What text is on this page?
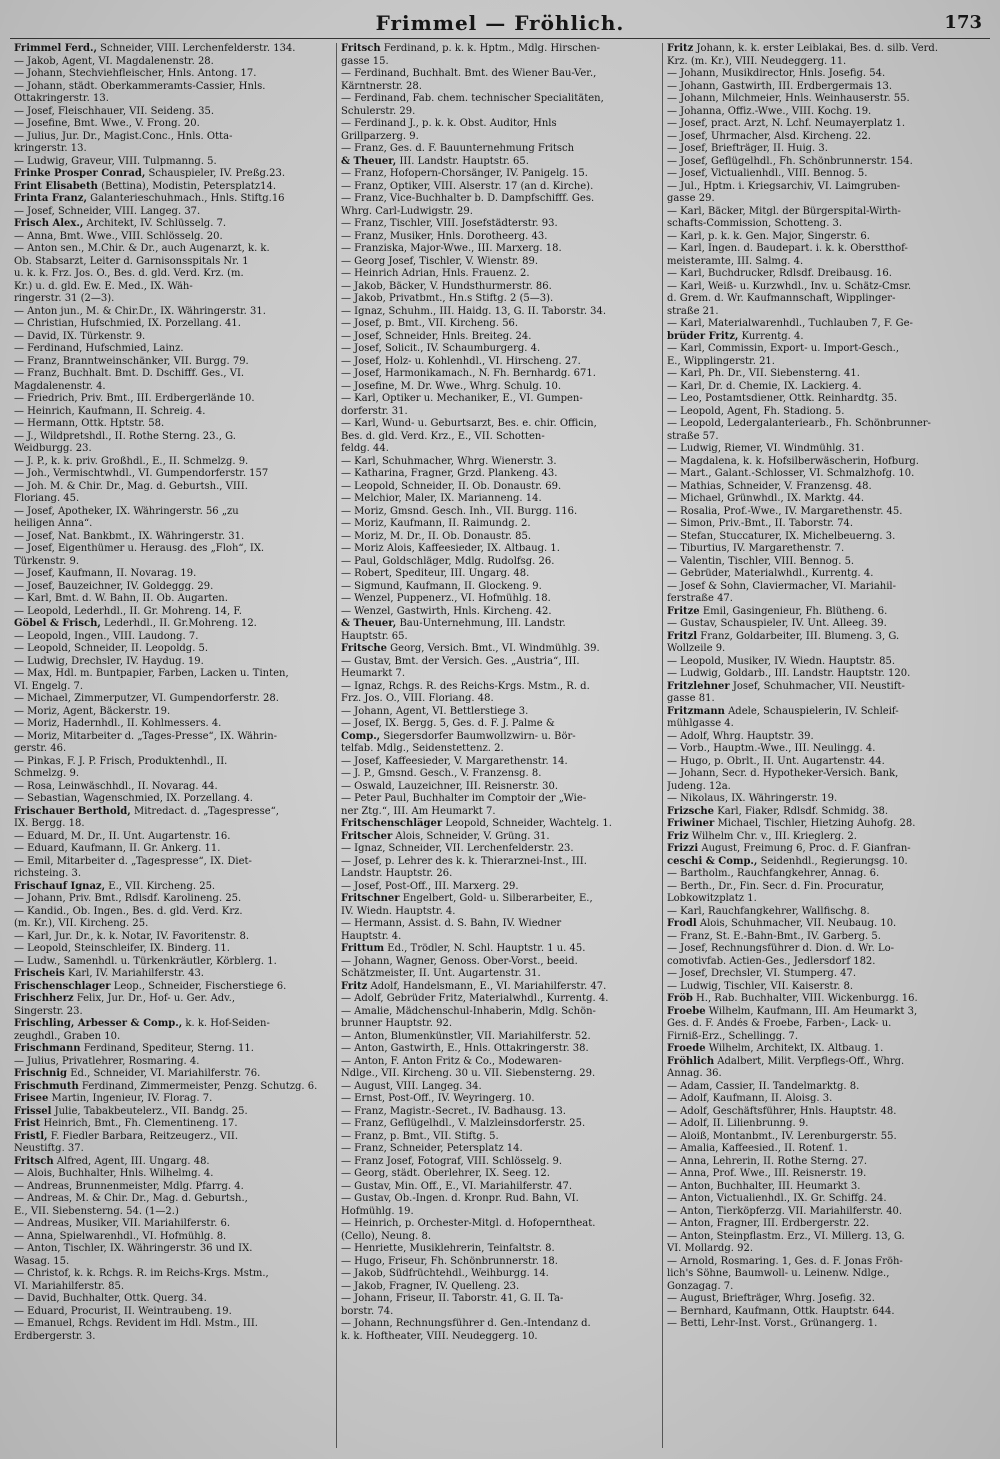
Frimmel — Fröhlich.	173
Frimmel Ferd., Schneider, VIII. Lerchenfelderstr. 134.
— Jakob, Agent, VI. Magdalenenstr. 28.
— Johann, Stechviehfleischer, Hnls. Antong. 17.
— Johann, städt. Oberkammeramts-Cassier, Hnls.
Ottakringerstr. 13.
— Josef, Fleischhauer, VII. Seideng. 35.
— Josefine, Bmt. Wwe., V. Frong. 20.
— Julius, Jur. Dr., Magist.Conc., Hnls. Otta-
kringerstr. 13.
— Ludwig, Graveur, VIII. Tulpmanng. 5.
Frinke Prosper Conrad, Schauspieler, IV. Preßg.23.
Frint Elisabeth (Bettina), Modistin, Petersplatz14.
Frinta Franz, Galanterieschuhmach., Hnls. Stiftg.16
— Josef, Schneider, VIII. Langeg. 37.
Frisch Alex., Architekt, IV. Schlüsselg. 7.
— Anna, Bmt. Wwe., VIII. Schlösselg. 20.
— Anton sen., M.Chir. & Dr., auch Augenarzt, k. k.
Ob. Stabsarzt, Leiter d. Garnisonsspitals Nr. 1
u. k. k. Frz. Jos. O., Bes. d. gld. Verd. Krz. (m.
Kr.) u. d. gld. Ew. E. Med., IX. Wäh-
ringerstr. 31 (2—3).
— Anton jun., M. & Chir.Dr., IX. Währingerstr. 31.
— Christian, Hufschmied, IX. Porzellang. 41.
— David, IX. Türkenstr. 9.
— Ferdinand, Hufschmied, Lainz.
— Franz, Branntweinschänker, VII. Burgg. 79.
— Franz, Buchhalt. Bmt. D. Dschifff. Ges., VI.
Magdalenenstr. 4.
— Friedrich, Priv. Bmt., III. Erdbergerlände 10.
— Heinrich, Kaufmann, II. Schreig. 4.
— Hermann, Ottk. Hptstr. 58.
— J., Wildpretshdl., II. Rothe Sterng. 23., G.
Weidburgg. 23.
— J. P., k. k. priv. Großhdl., E., II. Schmelzg. 9.
— Joh., Vermischtwhdl., VI. Gumpendorferstr. 157
— Joh. M. & Chir. Dr., Mag. d. Geburtsh., VIII.
Floriang. 45.
— Josef, Apotheker, IX. Währingerstr. 56 „zu
heiligen Anna“.
— Josef, Nat. Bankbmt., IX. Währingerstr. 31.
— Josef, Eigenthümer u. Herausg. des „Floh“, IX.
Türkenstr. 9.
— Josef, Kaufmann, II. Novarag. 19.
— Josef, Bauzeichner, IV. Goldeggg. 29.
— Karl, Bmt. d. W. Bahn, II. Ob. Augarten.
— Leopold, Lederhdl., II. Gr. Mohreng. 14, F.
Göbel & Frisch, Lederhdl., II. Gr.Mohreng. 12.
— Leopold, Ingen., VIII. Laudong. 7.
— Leopold, Schneider, II. Leopoldg. 5.
— Ludwig, Drechsler, IV. Haydug. 19.
— Max, Hdl. m. Buntpapier, Farben, Lacken u. Tinten,
VI. Engelg. 7.
— Michael, Zimmerputzer, VI. Gumpendorferstr. 28.
— Moriz, Agent, Bäckerstr. 19.
— Moriz, Hadernhdl., II. Kohlmessers. 4.
— Moriz, Mitarbeiter d. „Tages-Presse“, IX. Währin-
gerstr. 46.
— Pinkas, F. J. P. Frisch, Produktenhdl., II.
Schmelzg. 9.
— Rosa, Leinwäschhdl., II. Novarag. 44.
— Sebastian, Wagenschmied, IX. Porzellang. 4.
Frischauer Berthold, Mitredact. d. „Tagespresse“,
IX. Bergg. 18.
— Eduard, M. Dr., II. Unt. Augartenstr. 16.
— Eduard, Kaufmann, II. Gr. Ankerg. 11.
— Emil, Mitarbeiter d. „Tagespresse“, IX. Diet-
richsteing. 3.
Frischauf Ignaz, E., VII. Kircheng. 25.
— Johann, Priv. Bmt., Rdlsdf. Karolineng. 25.
— Kandid., Ob. Ingen., Bes. d. gld. Verd. Krz.
(m. Kr.), VII. Kircheng. 25.
— Karl, Jur. Dr., k. k. Notar, IV. Favoritenstr. 8.
— Leopold, Steinschleifer, IX. Binderg. 11.
— Ludw., Samenhdl. u. Türkenkräutler, Körblerg. 1.
Frischeis Karl, IV. Mariahilferstr. 43.
Frischenschlager Leop., Schneider, Fischerstiege 6.
Frischherz Felix, Jur. Dr., Hof- u. Ger. Adv.,
Singerstr. 23.
Frischling, Arbesser & Comp., k. k. Hof-Seiden-
zeughdl., Graben 10.
Frischmann Ferdinand, Spediteur, Sterng. 11.
— Julius, Privatlehrer, Rosmaring. 4.
Frischnig Ed., Schneider, VI. Mariahilferstr. 76.
Frischmuth Ferdinand, Zimmermeister, Penzg. Schutzg. 6.
Frisee Martin, Ingenieur, IV. Florag. 7.
Frissel Julie, Tabakbeutelerz., VII. Bandg. 25.
Frist Heinrich, Bmt., Fh. Clementineng. 17.
Fristl, F. Fiedler Barbara, Reitzeugerz., VII.
Neustiftg. 37.
Fritsch Alfred, Agent, III. Ungarg. 48.
— Alois, Buchhalter, Hnls. Wilhelmg. 4.
— Andreas, Brunnenmeister, Mdlg. Pfarrg. 4.
— Andreas, M. & Chir. Dr., Mag. d. Geburtsh.,
E., VII. Siebensterng. 54. (1—2.)
— Andreas, Musiker, VII. Mariahilferstr. 6.
— Anna, Spielwarenhdl., VI. Hofmühlg. 8.
— Anton, Tischler, IX. Währingerstr. 36 und IX.
Wasag. 15.
— Christof, k. k. Rchgs. R. im Reichs-Krgs. Mstm.,
VI. Mariahilferstr. 85.
— David, Buchhalter, Ottk. Querg. 34.
— Eduard, Procurist, II. Weintraubeng. 19.
— Emanuel, Rchgs. Revident im Hdl. Mstm., III.
Erdbergerstr. 3.
Fritsch Ferdinand, p. k. k. Hptm., Mdlg. Hirschen-
gasse 15.
— Ferdinand, Buchhalt. Bmt. des Wiener Bau-Ver.,
Kärntnerstr. 28.
— Ferdinand, Fab. chem. technischer Specialitäten,
Schulerstr. 29.
— Ferdinand J., p. k. k. Obst. Auditor, Hnls
Grillparzerg. 9.
— Franz, Ges. d. F. Bauunternehmung Fritsch
& Theuer, III. Landstr. Hauptstr. 65.
— Franz, Hofopern-Chorsänger, IV. Panigelg. 15.
— Franz, Optiker, VIII. Alserstr. 17 (an d. Kirche).
— Franz, Vice-Buchhalter b. D. Dampfschifff. Ges.
Whrg. Carl-Ludwigstr. 29.
— Franz, Tischler, VIII. Josefstädterstr. 93.
— Franz, Musiker, Hnls. Dorotheerg. 43.
— Franziska, Major-Wwe., III. Marxerg. 18.
— Georg Josef, Tischler, V. Wienstr. 89.
— Heinrich Adrian, Hnls. Frauenz. 2.
— Jakob, Bäcker, V. Hundsthurmerstr. 86.
— Jakob, Privatbmt., Hn.s Stiftg. 2 (5—3).
— Ignaz, Schuhm., III. Haidg. 13, G. II. Taborstr. 34.
— Josef, p. Bmt., VII. Kircheng. 56.
— Josef, Schneider, Hnls. Breiteg. 24.
— Josef, Solicit., IV. Schaumburgerg. 4.
— Josef, Holz- u. Kohlenhdl., VI. Hirscheng. 27.
— Josef, Harmonikamach., N. Fh. Bernhardg. 671.
— Josefine, M. Dr. Wwe., Whrg. Schulg. 10.
— Karl, Optiker u. Mechaniker, E., VI. Gumpen-
dorferstr. 31.
— Karl, Wund- u. Geburtsarzt, Bes. e. chir. Officin,
Bes. d. gld. Verd. Krz., E., VII. Schotten-
feldg. 44.
— Karl, Schuhmacher, Whrg. Wienerstr. 3.
— Katharina, Fragner, Grzd. Plankeng. 43.
— Leopold, Schneider, II. Ob. Donaustr. 69.
— Melchior, Maler, IX. Marianneng. 14.
— Moriz, Gmsnd. Gesch. Inh., VII. Burgg. 116.
— Moriz, Kaufmann, II. Raimundg. 2.
— Moriz, M. Dr., II. Ob. Donaustr. 85.
— Moriz Alois, Kaffeesieder, IX. Altbaug. 1.
— Paul, Goldschläger, Mdlg. Rudolfsg. 26.
— Robert, Spediteur, III. Ungarg. 48.
— Sigmund, Kaufmann, II. Glockeng. 9.
— Wenzel, Puppenerz., VI. Hofmühlg. 18.
— Wenzel, Gastwirth, Hnls. Kircheng. 42.
& Theuer, Bau-Unternehmung, III. Landstr.
Hauptstr. 65.
Fritsche Georg, Versich. Bmt., VI. Windmühlg. 39.
— Gustav, Bmt. der Versich. Ges. „Austria“, III.
Heumarkt 7.
— Ignaz, Rchgs. R. des Reichs-Krgs. Mstm., R. d.
Frz. Jos. O., VIII. Floriang. 48.
— Johann, Agent, VI. Bettlerstiege 3.
— Josef, IX. Bergg. 5, Ges. d. F. J. Palme &
Comp., Siegersdorfer Baumwollzwirn- u. Bör-
telfab. Mdlg., Seidenstettenz. 2.
— Josef, Kaffeesieder, V. Margarethenstr. 14.
— J. P., Gmsnd. Gesch., V. Franzensg. 8.
— Oswald, Lauzeichner, III. Reisnerstr. 30.
— Peter Paul, Buchhalter im Comptoir der „Wie-
ner Ztg.“, III. Am Heumarkt 7.
Fritschenschläger Leopold, Schneider, Wachtelg. 1.
Fritscher Alois, Schneider, V. Grüng. 31.
— Ignaz, Schneider, VII. Lerchenfelderstr. 23.
— Josef, p. Lehrer des k. k. Thierarznei-Inst., III.
Landstr. Hauptstr. 26.
— Josef, Post-Off., III. Marxerg. 29.
Fritschner Engelbert, Gold- u. Silberarbeiter, E.,
IV. Wiedn. Hauptstr. 4.
— Hermann, Assist. d. S. Bahn, IV. Wiedner
Hauptstr. 4.
Frittum Ed., Trödler, N. Schl. Hauptstr. 1 u. 45.
— Johann, Wagner, Genoss. Ober-Vorst., beeid.
Schätzmeister, II. Unt. Augartenstr. 31.
Fritz Adolf, Handelsmann, E., VI. Mariahilferstr. 47.
— Adolf, Gebrüder Fritz, Materialwhdl., Kurrentg. 4.
— Amalie, Mädchenschul-Inhaberin, Mdlg. Schön-
brunner Hauptstr. 92.
— Anton, Blumenkünstler, VII. Mariahilferstr. 52.
— Anton, Gastwirth, E., Hnls. Ottakringerstr. 38.
— Anton, F. Anton Fritz & Co., Modewaren-
Ndlge., VII. Kircheng. 30 u. VII. Siebensterng. 29.
— August, VIII. Langeg. 34.
— Ernst, Post-Off., IV. Weyringerg. 10.
— Franz, Magistr.-Secret., IV. Badhausg. 13.
— Franz, Geflügelhdl., V. Malzleinsdorferstr. 25.
— Franz, p. Bmt., VII. Stiftg. 5.
— Franz, Schneider, Petersplatz 14.
— Franz Josef, Fotograf, VIII. Schlösselg. 9.
— Georg, städt. Oberlehrer, IX. Seeg. 12.
— Gustav, Min. Off., E., VI. Mariahilferstr. 47.
— Gustav, Ob.-Ingen. d. Kronpr. Rud. Bahn, VI.
Hofmühlg. 19.
— Heinrich, p. Orchester-Mitgl. d. Hofoperntheat.
(Cello), Neung. 8.
— Henriette, Musiklehrerin, Teinfaltstr. 8.
— Hugo, Friseur, Fh. Schönbrunnerstr. 18.
— Jakob, Südfrüchtehdl., Weihburgg. 14.
— Jakob, Fragner, IV. Quelleng. 23.
— Johann, Friseur, II. Taborstr. 41, G. II. Ta-
borstr. 74.
— Johann, Rechnungsführer d. Gen.-Intendanz d.
k. k. Hoftheater, VIII. Neudeggerg. 10.
Fritz Johann, k. k. erster Leiblakai, Bes. d. silb. Verd.
Krz. (m. Kr.), VIII. Neudeggerg. 11.
— Johann, Musikdirector, Hnls. Josefig. 54.
— Johann, Gastwirth, III. Erdbergermais 13.
— Johann, Milchmeier, Hnls. Weinhauserstr. 55.
— Johanna, Offiz.-Wwe., VIII. Kochg. 19.
— Josef, pract. Arzt, N. Lchf. Neumayerplatz 1.
— Josef, Uhrmacher, Alsd. Kircheng. 22.
— Josef, Briefträger, II. Huig. 3.
— Josef, Geflügelhdl., Fh. Schönbrunnerstr. 154.
— Josef, Victualienhdl., VIII. Bennog. 5.
— Jul., Hptm. i. Kriegsarchiv, VI. Laimgruben-
gasse 29.
— Karl, Bäcker, Mitgl. der Bürgerspital-Wirth-
schafts-Commission, Schotteng. 3.
— Karl, p. k. k. Gen. Major, Singerstr. 6.
— Karl, Ingen. d. Baudepart. i. k. k. Oberstthof-
meisteramte, III. Salmg. 4.
— Karl, Buchdrucker, Rdlsdf. Dreibausg. 16.
— Karl, Weiß- u. Kurzwhdl., Inv. u. Schätz-Cmsr.
d. Grem. d. Wr. Kaufmannschaft, Wipplinger-
straße 21.
— Karl, Materialwarenhdl., Tuchlauben 7, F. Ge-
brüder Fritz, Kurrentg. 4.
— Karl, Commissin, Export- u. Import-Gesch.,
E., Wipplingerstr. 21.
— Karl, Ph. Dr., VII. Siebensterng. 41.
— Karl, Dr. d. Chemie, IX. Lackierg. 4.
— Leo, Postamtsdiener, Ottk. Reinhardtg. 35.
— Leopold, Agent, Fh. Stadiong. 5.
— Leopold, Ledergalanteriearb., Fh. Schönbrunner-
straße 57.
— Ludwig, Riemer, VI. Windmühlg. 31.
— Magdalena, k. k. Hofsilberwäscherin, Hofburg.
— Mart., Galant.-Schlosser, VI. Schmalzhofg. 10.
— Mathias, Schneider, V. Franzensg. 48.
— Michael, Grünwhdl., IX. Marktg. 44.
— Rosalia, Prof.-Wwe., IV. Margarethenstr. 45.
— Simon, Priv.-Bmt., II. Taborstr. 74.
— Stefan, Stuccaturer, IX. Michelbeuerng. 3.
— Tiburtius, IV. Margarethenstr. 7.
— Valentin, Tischler, VIII. Bennog. 5.
— Gebrüder, Materialwhdl., Kurrentg. 4.
— Josef & Sohn, Claviermacher, VI. Mariahil-
ferstraße 47.
Fritze Emil, Gasingenieur, Fh. Blütheng. 6.
— Gustav, Schauspieler, IV. Unt. Alleeg. 39.
Fritzl Franz, Goldarbeiter, III. Blumeng. 3, G.
Wollzeile 9.
— Leopold, Musiker, IV. Wiedn. Hauptstr. 85.
— Ludwig, Goldarb., III. Landstr. Hauptstr. 120.
Fritzlehner Josef, Schuhmacher, VII. Neustift-
gasse 81.
Fritzmann Adele, Schauspielerin, IV. Schleif-
mühlgasse 4.
— Adolf, Whrg. Hauptstr. 39.
— Vorb., Hauptm.-Wwe., III. Neulingg. 4.
— Hugo, p. Obrlt., II. Unt. Augartenstr. 44.
— Johann, Secr. d. Hypotheker-Versich. Bank,
Judeng. 12a.
— Nikolaus, IX. Währingerstr. 19.
Frizsche Karl, Fiaker, Rdlsdf. Schmidg. 38.
Friwiner Michael, Tischler, Hietzing Auhofg. 28.
Friz Wilhelm Chr. v., III. Krieglerg. 2.
Frizzi August, Freimung 6, Proc. d. F. Gianfran-
ceschi & Comp., Seidenhdl., Regierungsg. 10.
— Bartholm., Rauchfangkehrer, Annag. 6.
— Berth., Dr., Fin. Secr. d. Fin. Procuratur,
Lobkowitzplatz 1.
— Karl, Rauchfangkehrer, Wallfischg. 8.
Frodl Alois, Schuhmacher, VII. Neubaug. 10.
— Franz, St. E.-Bahn-Bmt., IV. Garberg. 5.
— Josef, Rechnungsführer d. Dion. d. Wr. Lo-
comotivfab. Actien-Ges., Jedlersdorf 182.
— Josef, Drechsler, VI. Stumperg. 47.
— Ludwig, Tischler, VII. Kaiserstr. 8.
Fröb H., Rab. Buchhalter, VIII. Wickenburgg. 16.
Froebe Wilhelm, Kaufmann, III. Am Heumarkt 3,
Ges. d. F. Andés & Froebe, Farben-, Lack- u.
Firniß-Erz., Schellingg. 7.
Froede Wilhelm, Architekt, IX. Altbaug. 1.
Fröhlich Adalbert, Milit. Verpflegs-Off., Whrg.
Annag. 36.
— Adam, Cassier, II. Tandelmarktg. 8.
— Adolf, Kaufmann, II. Aloisg. 3.
— Adolf, Geschäftsführer, Hnls. Hauptstr. 48.
— Adolf, II. Lilienbrunng. 9.
— Aloiß, Montanbmt., IV. Lerenburgerstr. 55.
— Amalia, Kaffeesied., II. Rotenf. 1.
— Anna, Lehrerin, II. Rothe Sterng. 27.
— Anna, Prof. Wwe., III. Reisnerstr. 19.
— Anton, Buchhalter, III. Heumarkt 3.
— Anton, Victualienhdl., IX. Gr. Schiffg. 24.
— Anton, Tierköpferzg. VII. Mariahilferstr. 40.
— Anton, Fragner, III. Erdbergerstr. 22.
— Anton, Steinpflastm. Erz., VI. Millerg. 13, G.
VI. Mollardg. 92.
— Arnold, Rosmaring. 1, Ges. d. F. Jonas Fröh-
lich's Söhne, Baumwoll- u. Leinenw. Ndlge.,
Gonzagag. 7.
— August, Briefträger, Whrg. Josefig. 32.
— Bernhard, Kaufmann, Ottk. Hauptstr. 644.
— Betti, Lehr-Inst. Vorst., Grünangerg. 1.
